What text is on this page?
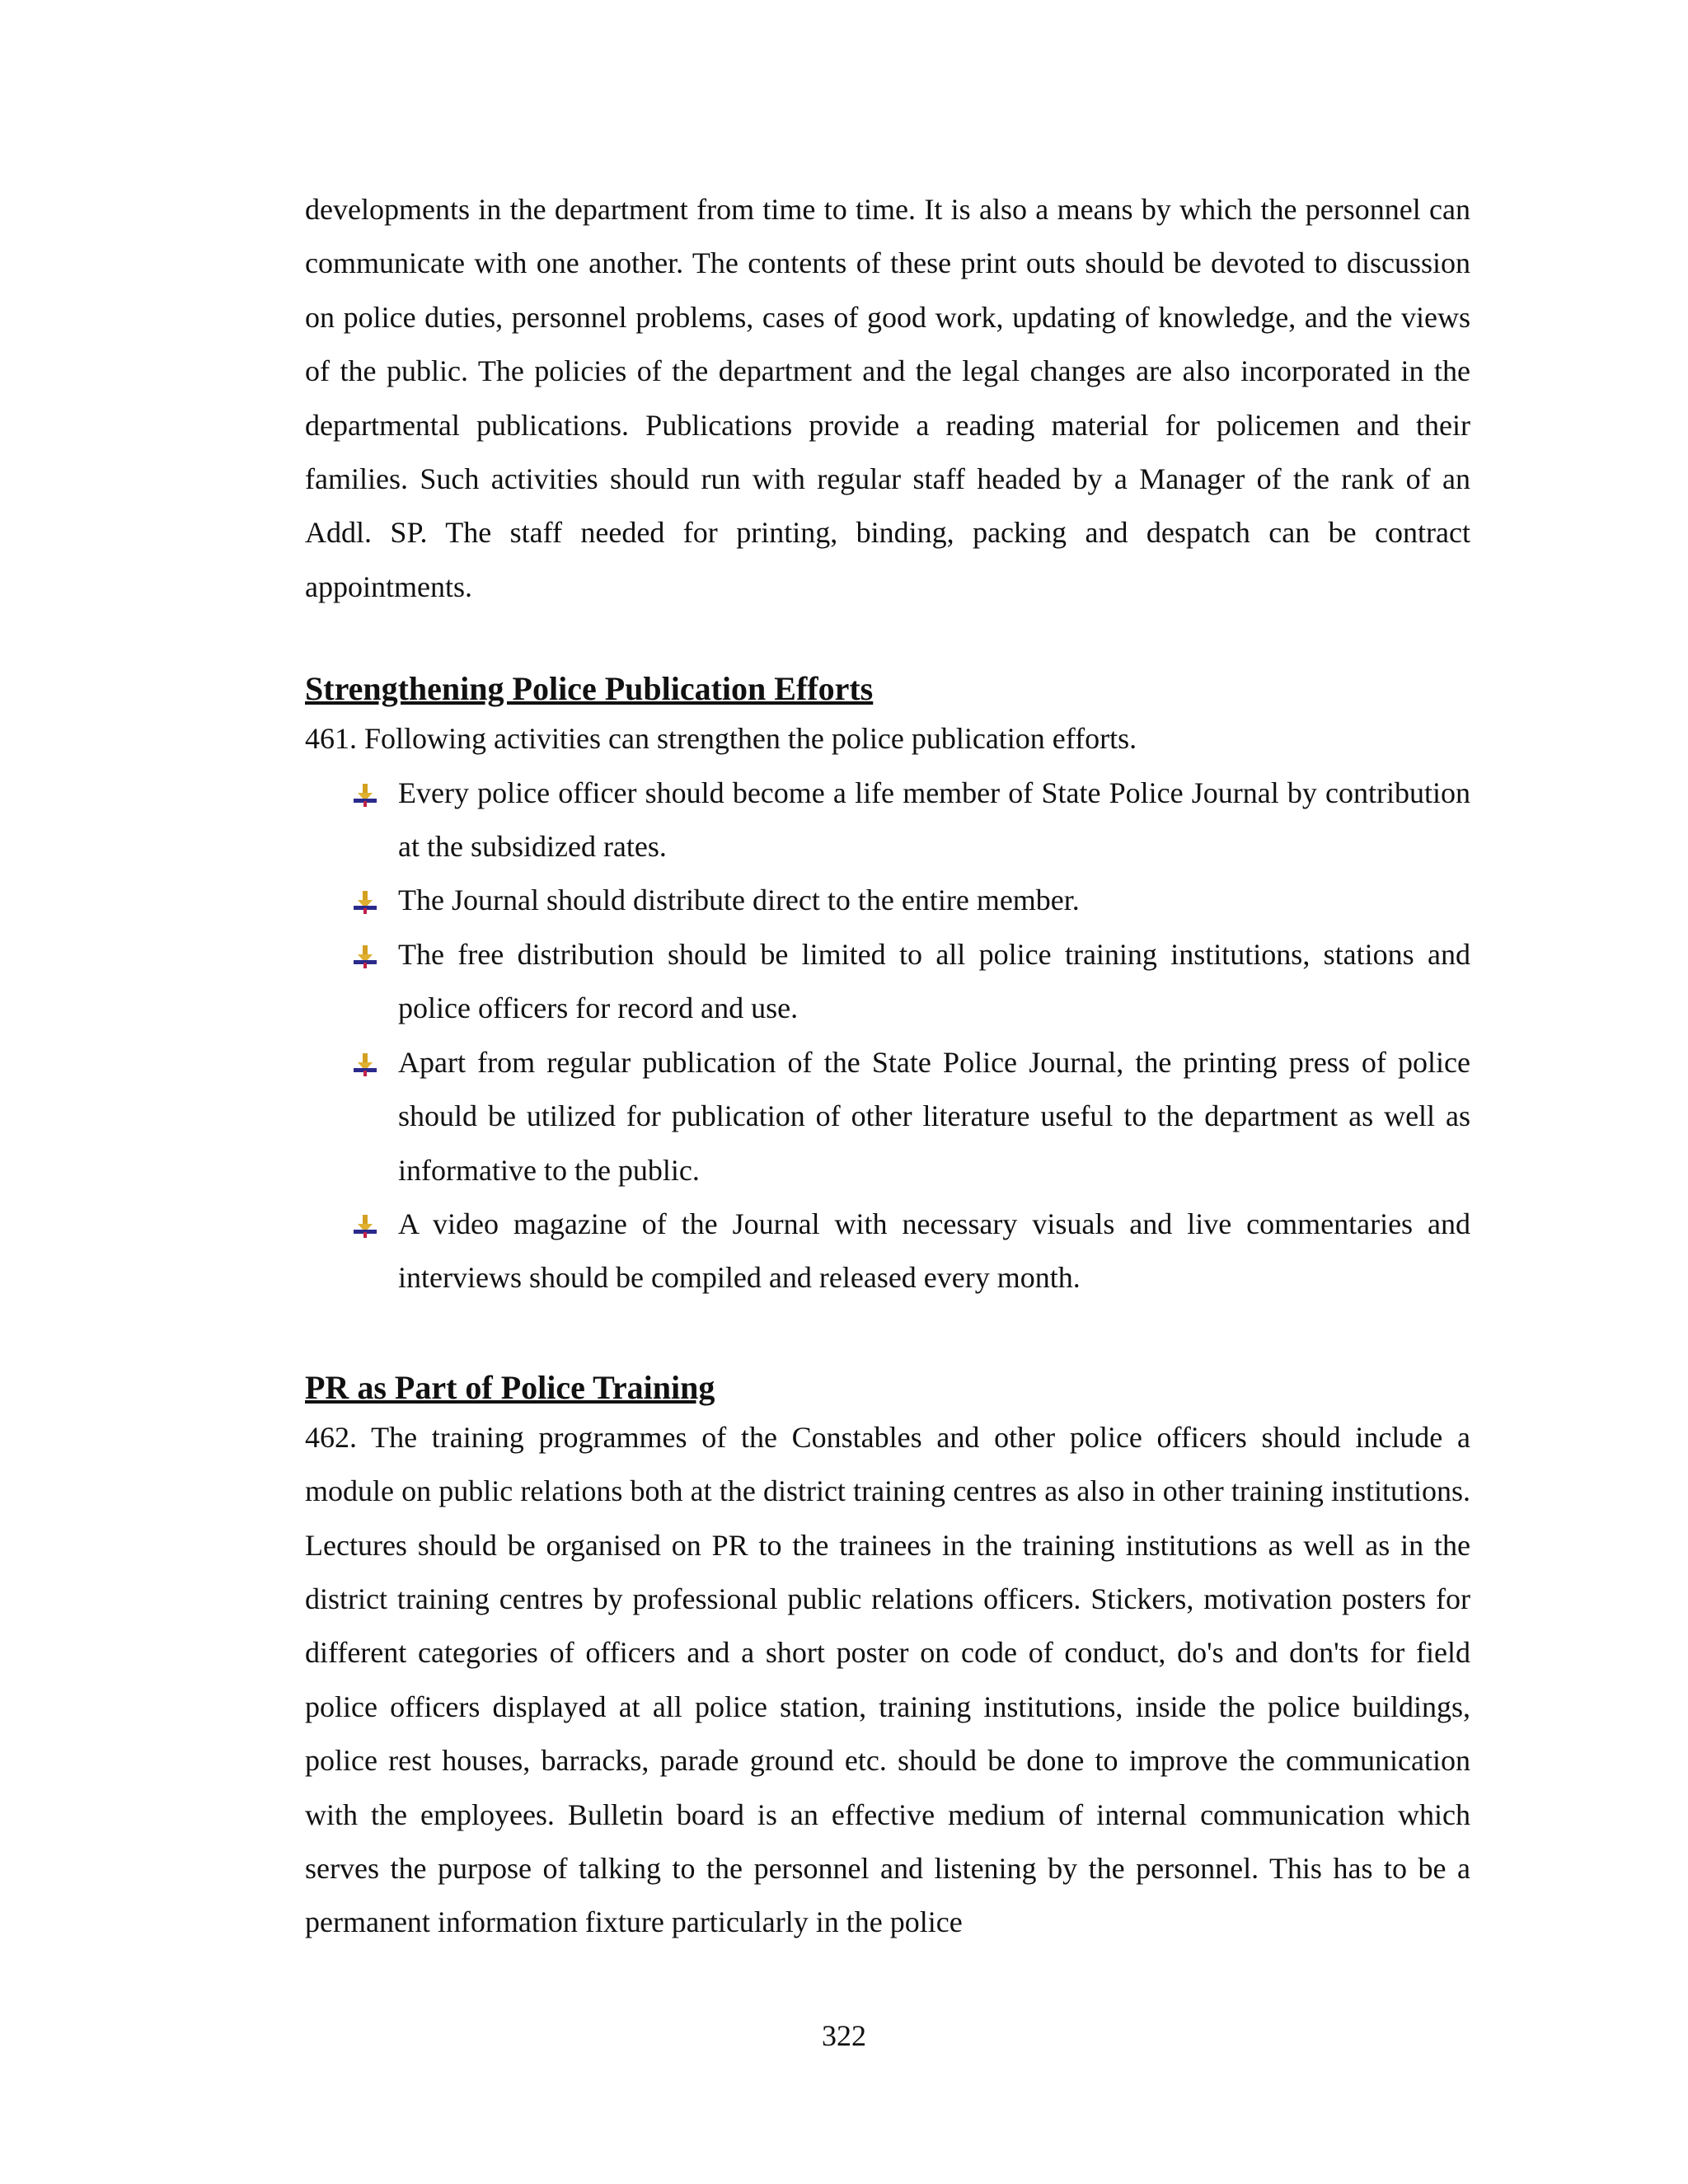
developments in the department from time to time. It is also a means by which the personnel can communicate with one another. The contents of these print outs should be devoted to discussion on police duties, personnel problems, cases of good work, updating of knowledge, and the views of the public. The policies of the department and the legal changes are also incorporated in the departmental publications. Publications provide a reading material for policemen and their families. Such activities should run with regular staff headed by a Manager of the rank of an Addl. SP. The staff needed for printing, binding, packing and despatch can be contract appointments.

Strengthening Police Publication Efforts

461. Following activities can strengthen the police publication efforts.

Every police officer should become a life member of State Police Journal by contribution at the subsidized rates.
The Journal should distribute direct to the entire member.
The free distribution should be limited to all police training institutions, stations and police officers for record and use.
Apart from regular publication of the State Police Journal, the printing press of police should be utilized for publication of other literature useful to the department as well as informative to the public.
A video magazine of the Journal with necessary visuals and live commentaries and interviews should be compiled and released every month.
PR as Part of Police Training

462. The training programmes of the Constables and other police officers should include a module on public relations both at the district training centres as also in other training institutions. Lectures should be organised on PR to the trainees in the training institutions as well as in the district training centres by professional public relations officers. Stickers, motivation posters for different categories of officers and a short poster on code of conduct, do's and don'ts for field police officers displayed at all police station, training institutions, inside the police buildings, police rest houses, barracks, parade ground etc. should be done to improve the communication with the employees. Bulletin board is an effective medium of internal communication which serves the purpose of talking to the personnel and listening by the personnel. This has to be a permanent information fixture particularly in the police

322
